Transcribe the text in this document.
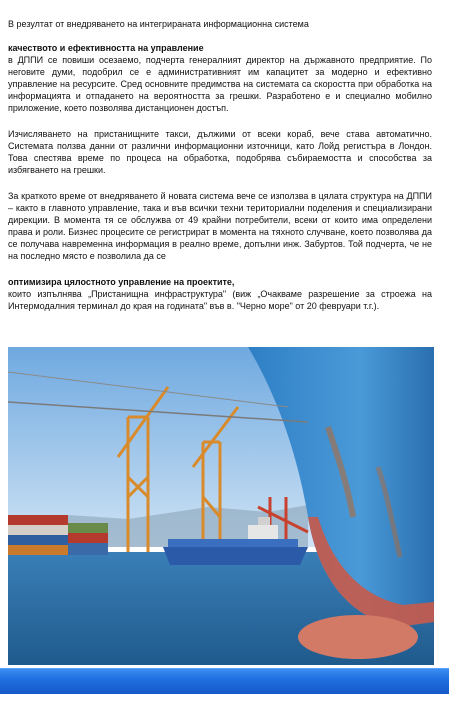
В резултат от внедряването на интегрираната информационна система

качеството и ефективността на управление

в ДППИ се повиши осезаемо, подчерта генералният директор на държавното предприятие. По неговите думи, подобрил се е административният им капацитет за модерно и ефективно управление на ресурсите. Сред основните предимства на системата са скоростта при обработка на информацията и отпадането на вероятността за грешки. Разработено е и специално мобилно приложение, което позволява дистанционен достъп.

Изчисляването на пристанищните такси, дължими от всеки кораб, вече става автоматично. Системата ползва данни от различни информационни източници, като Лойд регистъра в Лондон. Това спестява време по процеса на обработка, подобрява събираемостта и способства за избягването на грешки.

За краткото време от внедряването й новата система вече се използва в цялата структура на ДППИ – както в главното управление, така и във всички техни териториални поделения и специализирани дирекции. В момента тя се обслужва от 49 крайни потребители, всеки от които има определени права и роли. Бизнес процесите се регистрират в момента на тяхното случване, което позволява да се получава навременна информация в реално време, допълни инж. Забуртов. Той подчерта, че не на последно място е позволила да се

оптимизира цялостното управление на проектите,

които изпълнява „Пристанищна инфраструктура" (виж „Очакваме разрешение за строежа на Интермодалния терминал до края на годината" във в. "Черно море" от 20 февруари т.г.).
